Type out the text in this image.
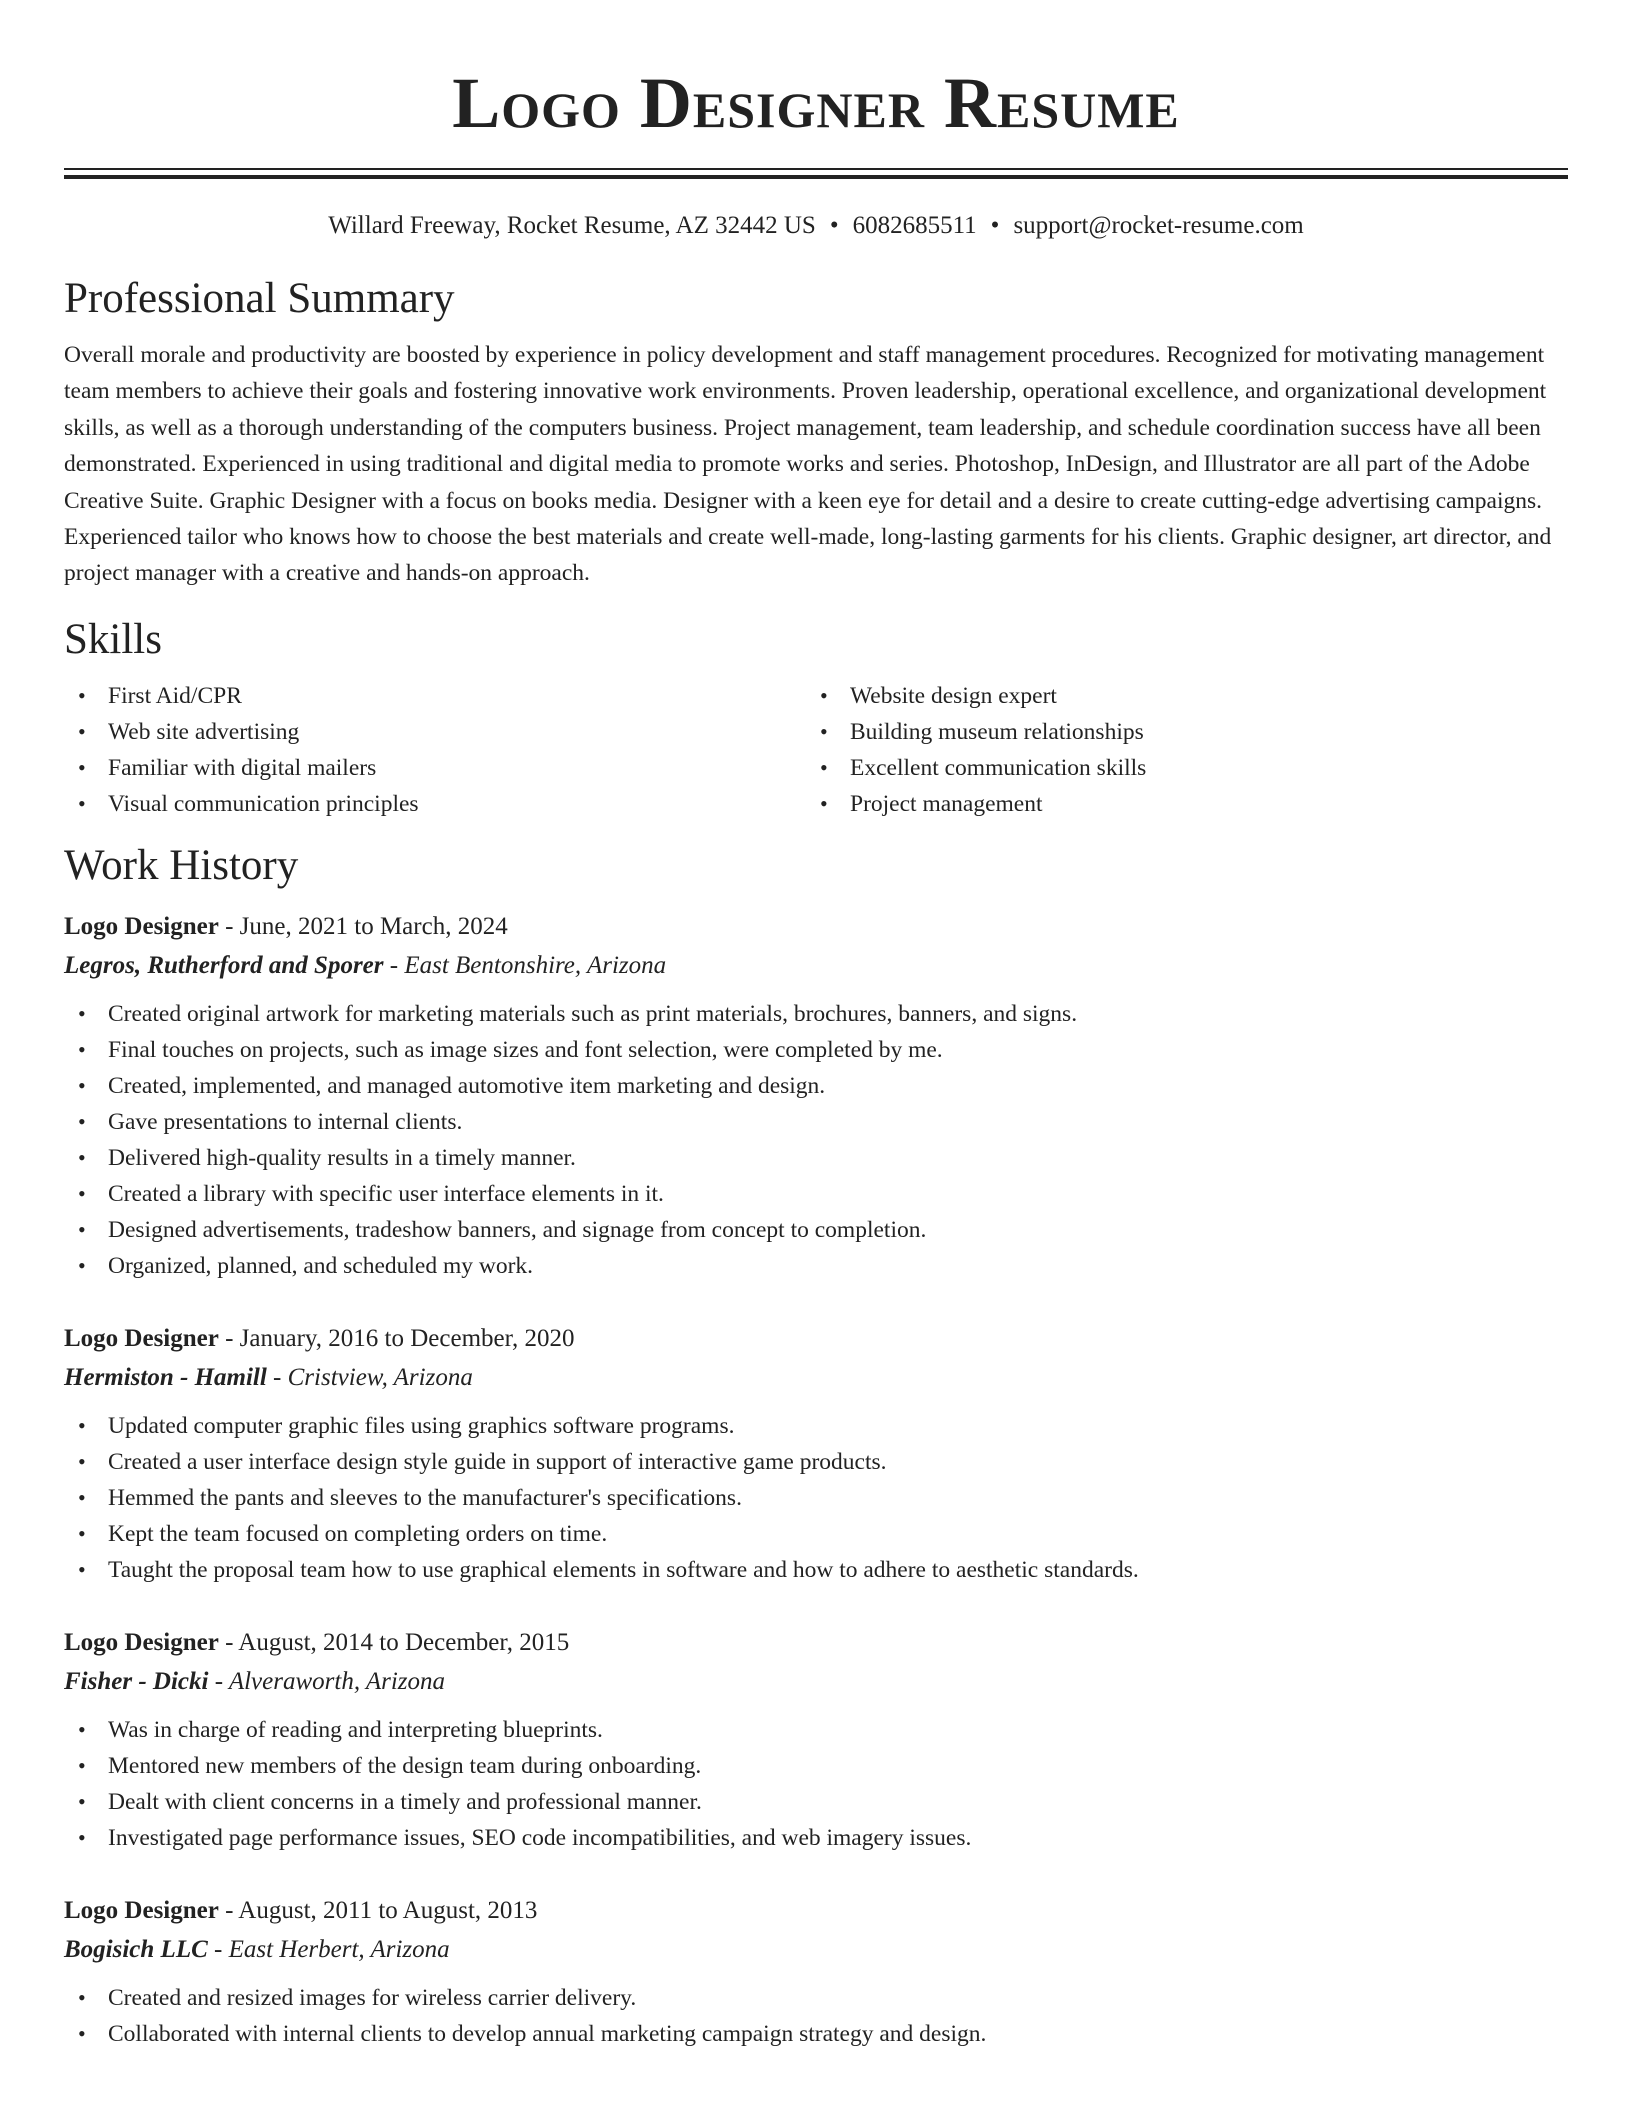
Logo Designer Resume
Willard Freeway, Rocket Resume, AZ 32442 US • 6082685511 • support@rocket-resume.com
Professional Summary

Overall morale and productivity are boosted by experience in policy development and staff management procedures. Recognized for motivating management team members to achieve their goals and fostering innovative work environments. Proven leadership, operational excellence, and organizational development skills, as well as a thorough understanding of the computers business. Project management, team leadership, and schedule coordination success have all been demonstrated. Experienced in using traditional and digital media to promote works and series. Photoshop, InDesign, and Illustrator are all part of the Adobe Creative Suite. Graphic Designer with a focus on books media. Designer with a keen eye for detail and a desire to create cutting-edge advertising campaigns. Experienced tailor who knows how to choose the best materials and create well-made, long-lasting garments for his clients. Graphic designer, art director, and project manager with a creative and hands-on approach.

Skills
• First Aid/CPR
• Web site advertising
• Familiar with digital mailers
• Visual communication principles
• Website design expert
• Building museum relationships
• Excellent communication skills
• Project management
Work History
Logo Designer - June, 2021 to March, 2024
Legros, Rutherford and Sporer - East Bentonshire, Arizona
• Created original artwork for marketing materials such as print materials, brochures, banners, and signs.
• Final touches on projects, such as image sizes and font selection, were completed by me.
• Created, implemented, and managed automotive item marketing and design.
• Gave presentations to internal clients.
• Delivered high-quality results in a timely manner.
• Created a library with specific user interface elements in it.
• Designed advertisements, tradeshow banners, and signage from concept to completion.
• Organized, planned, and scheduled my work.
Logo Designer - January, 2016 to December, 2020
Hermiston - Hamill - Cristview, Arizona
• Updated computer graphic files using graphics software programs.
• Created a user interface design style guide in support of interactive game products.
• Hemmed the pants and sleeves to the manufacturer's specifications.
• Kept the team focused on completing orders on time.
• Taught the proposal team how to use graphical elements in software and how to adhere to aesthetic standards.
Logo Designer - August, 2014 to December, 2015
Fisher - Dicki - Alveraworth, Arizona
• Was in charge of reading and interpreting blueprints.
• Mentored new members of the design team during onboarding.
• Dealt with client concerns in a timely and professional manner.
• Investigated page performance issues, SEO code incompatibilities, and web imagery issues.
Logo Designer - August, 2011 to August, 2013
Bogisich LLC - East Herbert, Arizona
• Created and resized images for wireless carrier delivery.
• Collaborated with internal clients to develop annual marketing campaign strategy and design.
